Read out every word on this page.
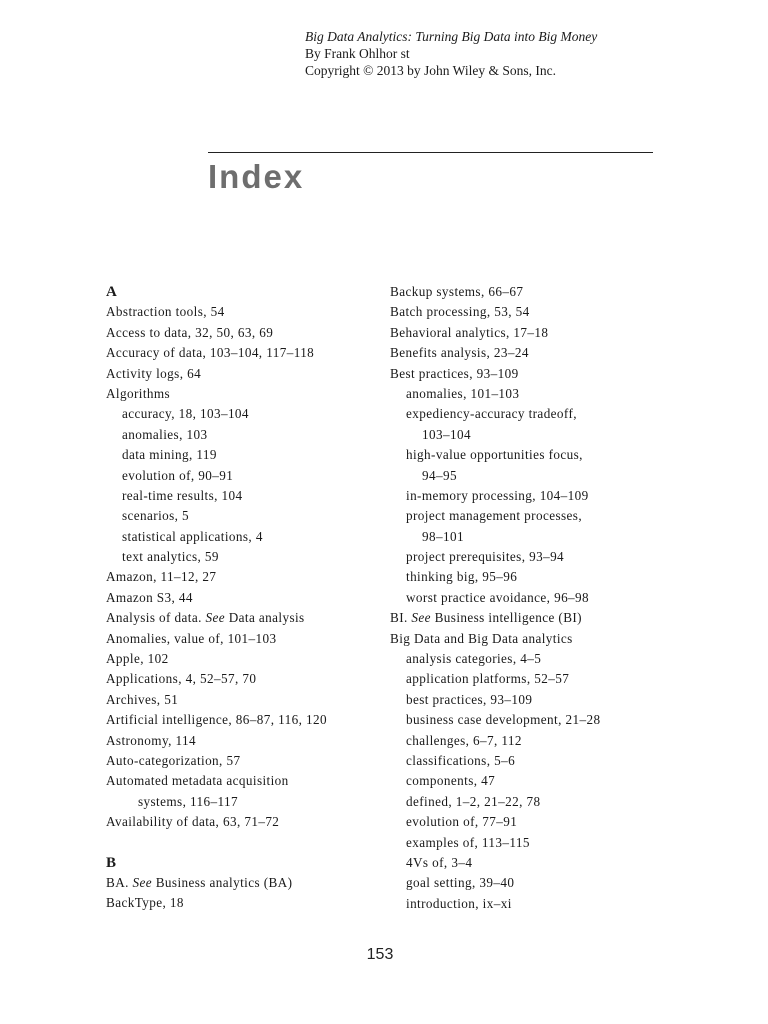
Big Data Analytics: Turning Big Data into Big Money
By Frank Ohlhor st
Copyright © 2013 by John Wiley & Sons, Inc.
Index
A
Abstraction tools, 54
Access to data, 32, 50, 63, 69
Accuracy of data, 103–104, 117–118
Activity logs, 64
Algorithms
accuracy, 18, 103–104
anomalies, 103
data mining, 119
evolution of, 90–91
real-time results, 104
scenarios, 5
statistical applications, 4
text analytics, 59
Amazon, 11–12, 27
Amazon S3, 44
Analysis of data. See Data analysis
Anomalies, value of, 101–103
Apple, 102
Applications, 4, 52–57, 70
Archives, 51
Artificial intelligence, 86–87, 116, 120
Astronomy, 114
Auto-categorization, 57
Automated metadata acquisition
systems, 116–117
Availability of data, 63, 71–72
B
BA. See Business analytics (BA)
BackType, 18
Backup systems, 66–67
Batch processing, 53, 54
Behavioral analytics, 17–18
Benefits analysis, 23–24
Best practices, 93–109
anomalies, 101–103
expediency-accuracy tradeoff,
103–104
high-value opportunities focus,
94–95
in-memory processing, 104–109
project management processes,
98–101
project prerequisites, 93–94
thinking big, 95–96
worst practice avoidance, 96–98
BI. See Business intelligence (BI)
Big Data and Big Data analytics
analysis categories, 4–5
application platforms, 52–57
best practices, 93–109
business case development, 21–28
challenges, 6–7, 112
classifications, 5–6
components, 47
defined, 1–2, 21–22, 78
evolution of, 77–91
examples of, 113–115
4Vs of, 3–4
goal setting, 39–40
introduction, ix–xi
153
